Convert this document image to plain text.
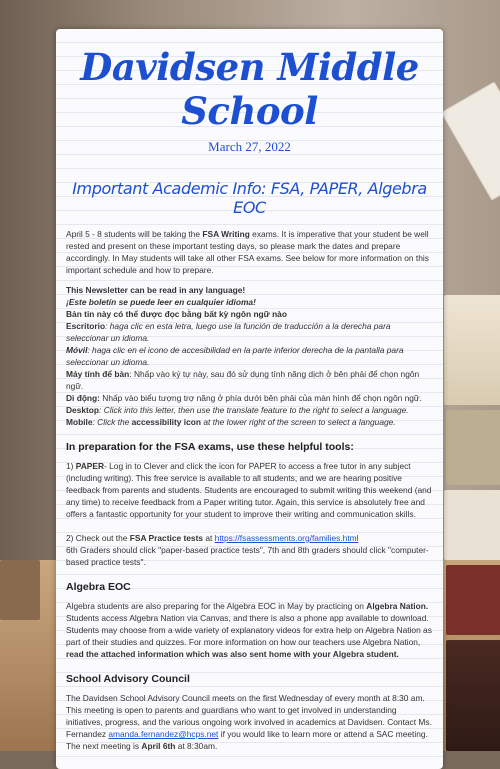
Davidsen Middle School
March 27, 2022
Important Academic Info: FSA, PAPER, Algebra EOC

April 5 - 8 students will be taking the FSA Writing exams. It is imperative that your student be well rested and present on these important testing days, so please mark the dates and prepare accordingly. In May students will take all other FSA exams. See below for more information on this important schedule and how to prepare.

This Newsletter can be read in any language!

¡Este boletín se puede leer en cualquier idioma!

Bản tin này có thể được đọc bằng bất kỳ ngôn ngữ nào

Escritorio: haga clic en esta letra, luego use la función de traducción a la derecha para seleccionar un idioma.

Móvil: haga clic en el icono de accesibilidad en la parte inferior derecha de la pantalla para seleccionar un idioma.

Máy tính để bàn: Nhấp vào ký tự này, sau đó sử dụng tính năng dịch ở bên phải để chọn ngôn ngữ.

Di động: Nhấp vào biểu tượng trợ năng ở phía dưới bên phải của màn hình để chọn ngôn ngữ.

Desktop: Click into this letter, then use the translate feature to the right to select a language.

Mobile: Click the accessibility icon at the lower right of the screen to select a language.

In preparation for the FSA exams, use these helpful tools:

1) PAPER- Log in to Clever and click the icon for PAPER to access a free tutor in any subject (including writing). This free service is available to all students, and we are hearing positive feedback from parents and students. Students are encouraged to submit writing this weekend (and any time) to receive feedback from a Paper writing tutor. Again, this service is absolutely free and offers a fantastic opportunity for your student to improve their writing and communication skills.

2) Check out the FSA Practice tests at https://fsassessments.org/families.html

6th Graders should click "paper-based practice tests", 7th and 8th graders should click "computer-based practice tests".

Algebra EOC

Algebra students are also preparing for the Algebra EOC in May by practicing on Algebra Nation. Students access Algebra Nation via Canvas, and there is also a phone app available to download. Students may choose from a wide variety of explanatory videos for extra help on Algebra Nation as part of their studies and quizzes. For more information on how our teachers use Algebra Nation, read the attached information which was also sent home with your Algebra student.

School Advisory Council

The Davidsen School Advisory Council meets on the first Wednesday of every month at 8:30 am. This meeting is open to parents and guardians who want to get involved in understanding initiatives, progress, and the various ongoing work involved in academics at Davidsen. Contact Ms. Fernandez amanda.fernandez@hcps.net if you would like to learn more or attend a SAC meeting. The next meeting is April 6th at 8:30am.
